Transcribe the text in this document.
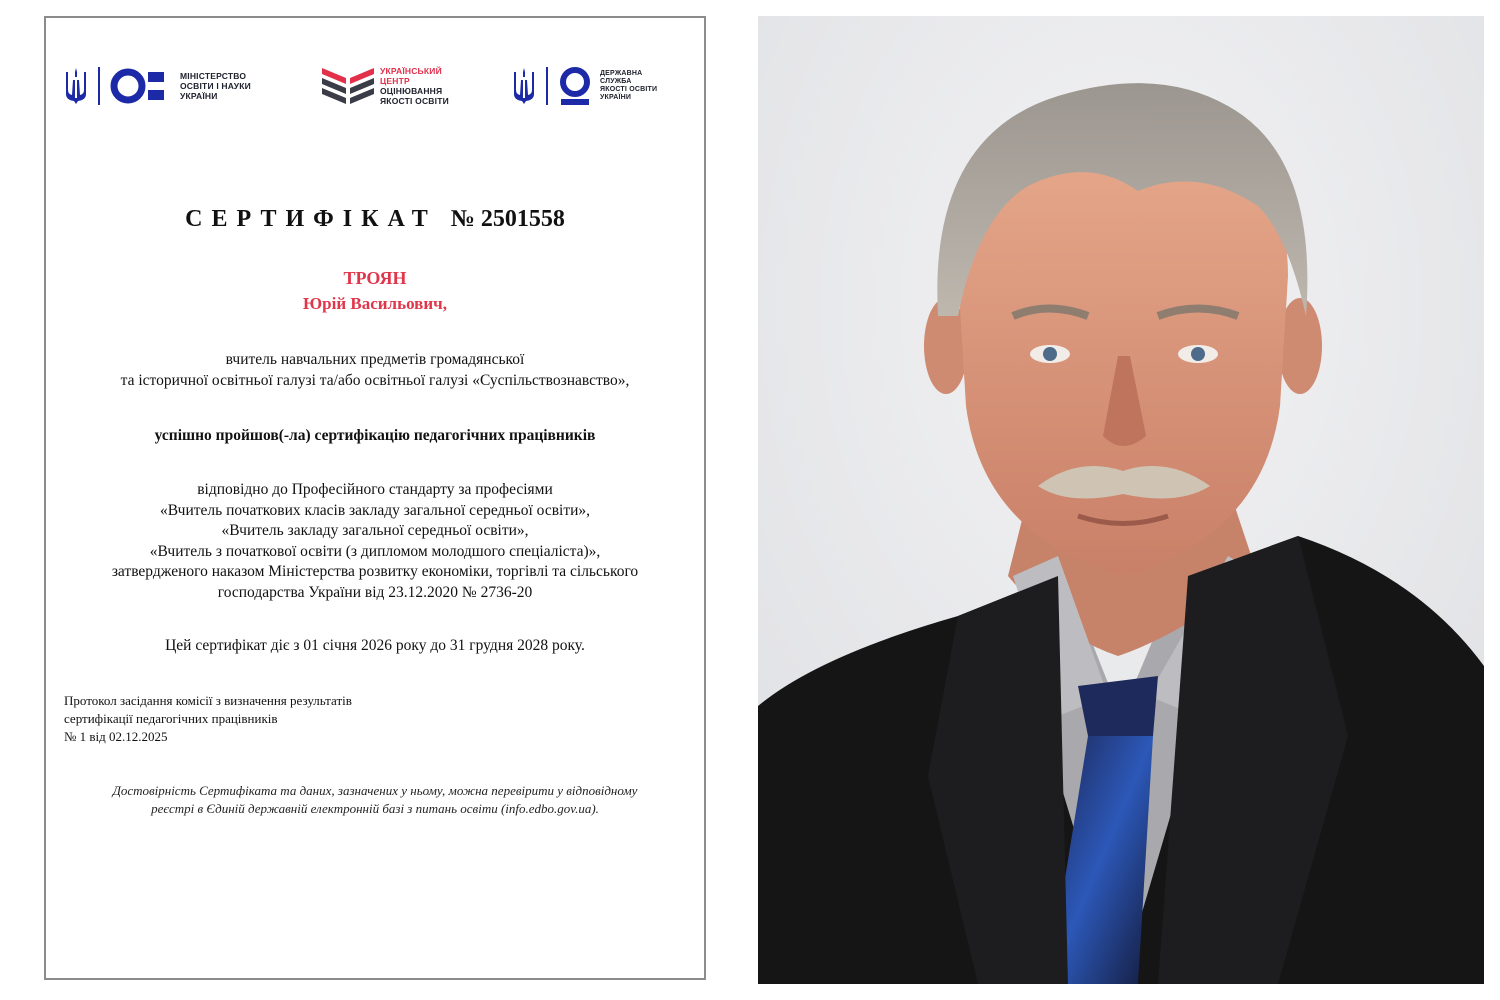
МІНІСТЕРСТВО
ОСВІТИ І НАУКИ
УКРАЇНИ
УКРАЇНСЬКИЙ
ЦЕНТР
ОЦІНЮВАННЯ
ЯКОСТІ ОСВІТИ
ДЕРЖАВНА
СЛУЖБА
ЯКОСТІ ОСВІТИ
УКРАЇНИ
СЕРТИФІКАТ № 2501558
ТРОЯН
Юрій Васильович,
вчитель навчальних предметів громадянської
та історичної освітньої галузі та/або освітньої галузі «Суспільствознавство»,
успішно пройшов(-ла) сертифікацію педагогічних працівників
відповідно до Професійного стандарту за професіями
«Вчитель початкових класів закладу загальної середньої освіти»,
«Вчитель закладу загальної середньої освіти»,
«Вчитель з початкової освіти (з дипломом молодшого спеціаліста)»,
затвердженого наказом Міністерства розвитку економіки, торгівлі та сільського
господарства України від 23.12.2020 № 2736-20
Цей сертифікат діє з 01 січня 2026 року до 31 грудня 2028 року.
Протокол засідання комісії з визначення результатів
сертифікації педагогічних працівників
№ 1 від 02.12.2025
Достовірність Сертифіката та даних, зазначених у ньому, можна перевірити у відповідному
реєстрі в Єдиній державній електронній базі з питань освіти (info.edbo.gov.ua).
